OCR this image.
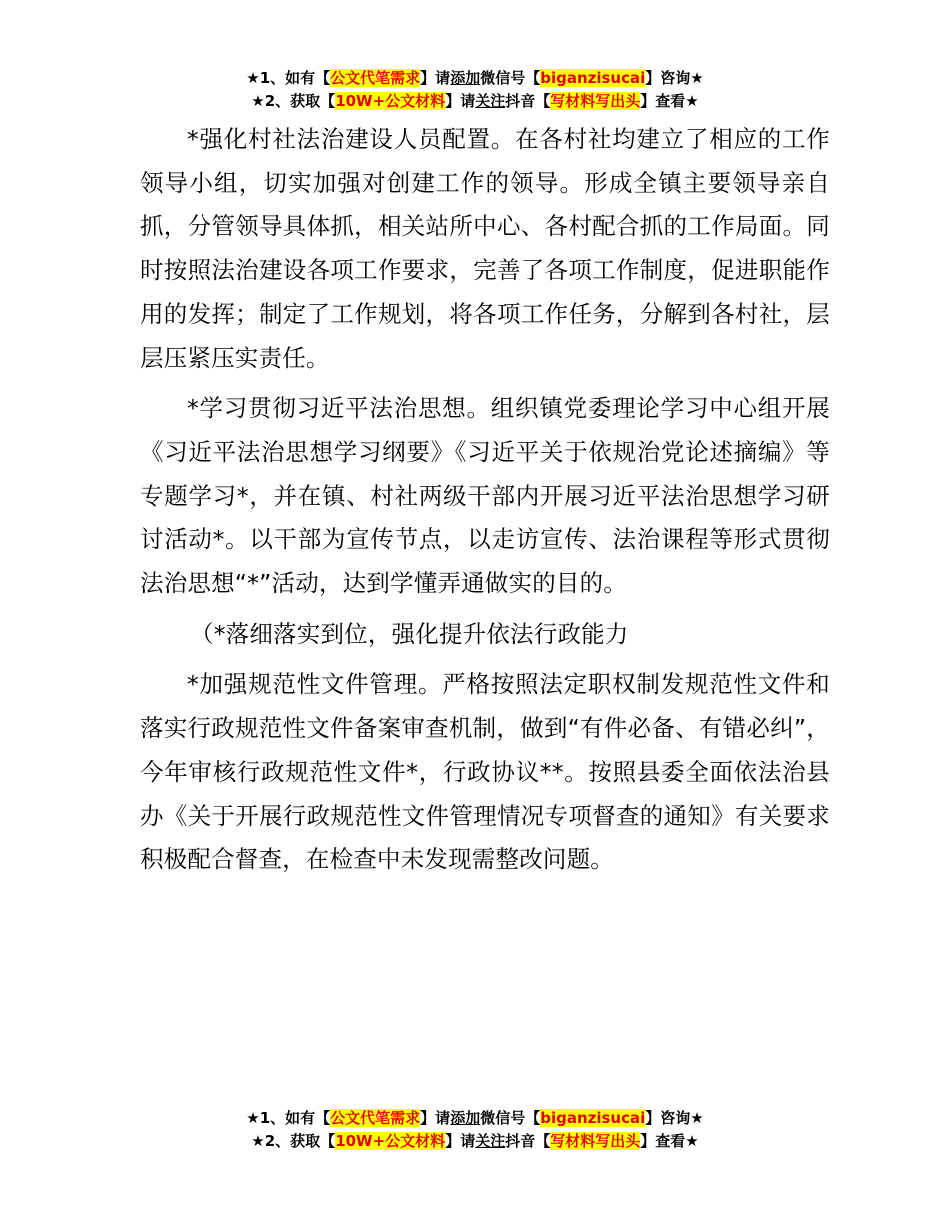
★1、如有【公文代笔需求】请添加微信号【biganzisucai】咨询★
★2、获取【10W+公文材料】请关注抖音【写材料写出头】查看★

*强化村社法治建设人员配置。在各村社均建立了相应的工作领导小组，切实加强对创建工作的领导。形成全镇主要领导亲自抓，分管领导具体抓，相关站所中心、各村配合抓的工作局面。同时按照法治建设各项工作要求，完善了各项工作制度，促进职能作用的发挥；制定了工作规划，将各项工作任务，分解到各村社，层层压紧压实责任。

*学习贯彻习近平法治思想。组织镇党委理论学习中心组开展《习近平法治思想学习纲要》《习近平关于依规治党论述摘编》等专题学习*，并在镇、村社两级干部内开展习近平法治思想学习研讨活动*。以干部为宣传节点，以走访宣传、法治课程等形式贯彻法治思想“*”活动，达到学懂弄通做实的目的。

（*落细落实到位，强化提升依法行政能力

*加强规范性文件管理。严格按照法定职权制发规范性文件和落实行政规范性文件备案审查机制，做到“有件必备、有错必纠”，今年审核行政规范性文件*，行政协议**。按照县委全面依法治县办《关于开展行政规范性文件管理情况专项督查的通知》有关要求积极配合督查，在检查中未发现需整改问题。

★1、如有【公文代笔需求】请添加微信号【biganzisucai】咨询★
★2、获取【10W+公文材料】请关注抖音【写材料写出头】查看★
